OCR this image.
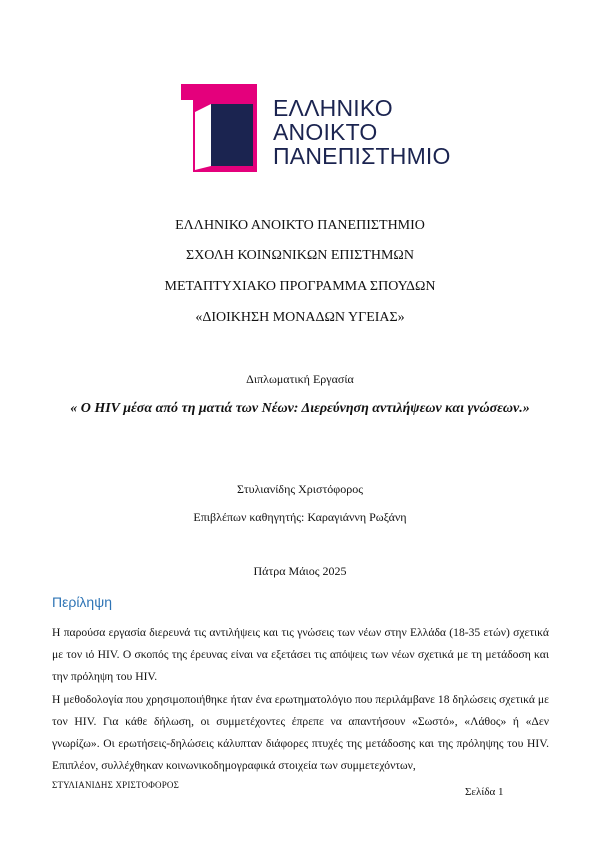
ΕΛΛΗΝΙΚΟ
ΑΝΟΙΚΤΟ
ΠΑΝΕΠΙΣΤΗΜΙΟ
ΕΛΛΗΝΙΚΟ ΑΝΟΙΚΤΟ ΠΑΝΕΠΙΣΤΗΜΙΟ
ΣΧΟΛΗ ΚΟΙΝΩΝΙΚΩΝ ΕΠΙΣΤΗΜΩΝ
ΜΕΤΑΠΤΥΧΙΑΚΟ ΠΡΟΓΡΑΜΜΑ ΣΠΟΥΔΩΝ
«ΔΙΟΙΚΗΣΗ ΜΟΝΑΔΩΝ ΥΓΕΙΑΣ»
Διπλωματική Εργασία
« Ο HIV μέσα από τη ματιά των Νέων: Διερεύνηση αντιλήψεων και γνώσεων.»
Στυλιανίδης Χριστόφορος
Επιβλέπων καθηγητής: Καραγιάννη Ρωξάνη
Πάτρα Μάιος 2025
Περίληψη
Η παρούσα εργασία διερευνά τις αντιλήψεις και τις γνώσεις των νέων στην Ελλάδα (18-35 ετών) σχετικά με τον ιό HIV. Ο σκοπός της έρευνας είναι να εξετάσει τις απόψεις των νέων σχετικά με τη μετάδοση και την πρόληψη του HIV.
Η μεθοδολογία που χρησιμοποιήθηκε ήταν ένα ερωτηματολόγιο που περιλάμβανε 18 δηλώσεις σχετικά με τον HIV. Για κάθε δήλωση, οι συμμετέχοντες έπρεπε να απαντήσουν «Σωστό», «Λάθος» ή «Δεν γνωρίζω». Οι ερωτήσεις-δηλώσεις κάλυπταν διάφορες πτυχές της μετάδοσης και της πρόληψης του HIV. Επιπλέον, συλλέχθηκαν κοινωνικοδημογραφικά στοιχεία των συμμετεχόντων,
ΣΤΥΛΙΑΝΙΔΗΣ ΧΡΙΣΤΟΦΟΡΟΣ
Σελίδα 1
